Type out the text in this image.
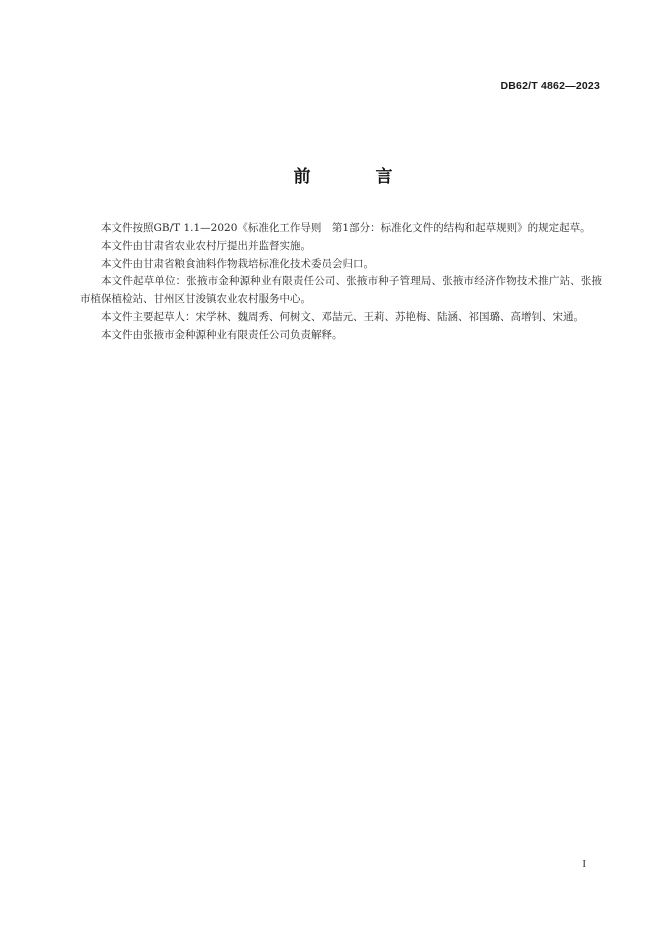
DB62/T 4862—2023
前　言

本文件按照GB/T 1.1—2020《标准化工作导则　第1部分：标准化文件的结构和起草规则》的规定起草。

本文件由甘肃省农业农村厅提出并监督实施。

本文件由甘肃省粮食油料作物栽培标准化技术委员会归口。

本文件起草单位：张掖市金种源种业有限责任公司、张掖市种子管理局、张掖市经济作物技术推广站、张掖市植保植检站、甘州区甘浚镇农业农村服务中心。

本文件主要起草人：宋学林、魏周秀、何树文、邓喆元、王莉、苏艳梅、陆涵、祁国璐、高增钊、宋通。

本文件由张掖市金种源种业有限责任公司负责解释。

I
